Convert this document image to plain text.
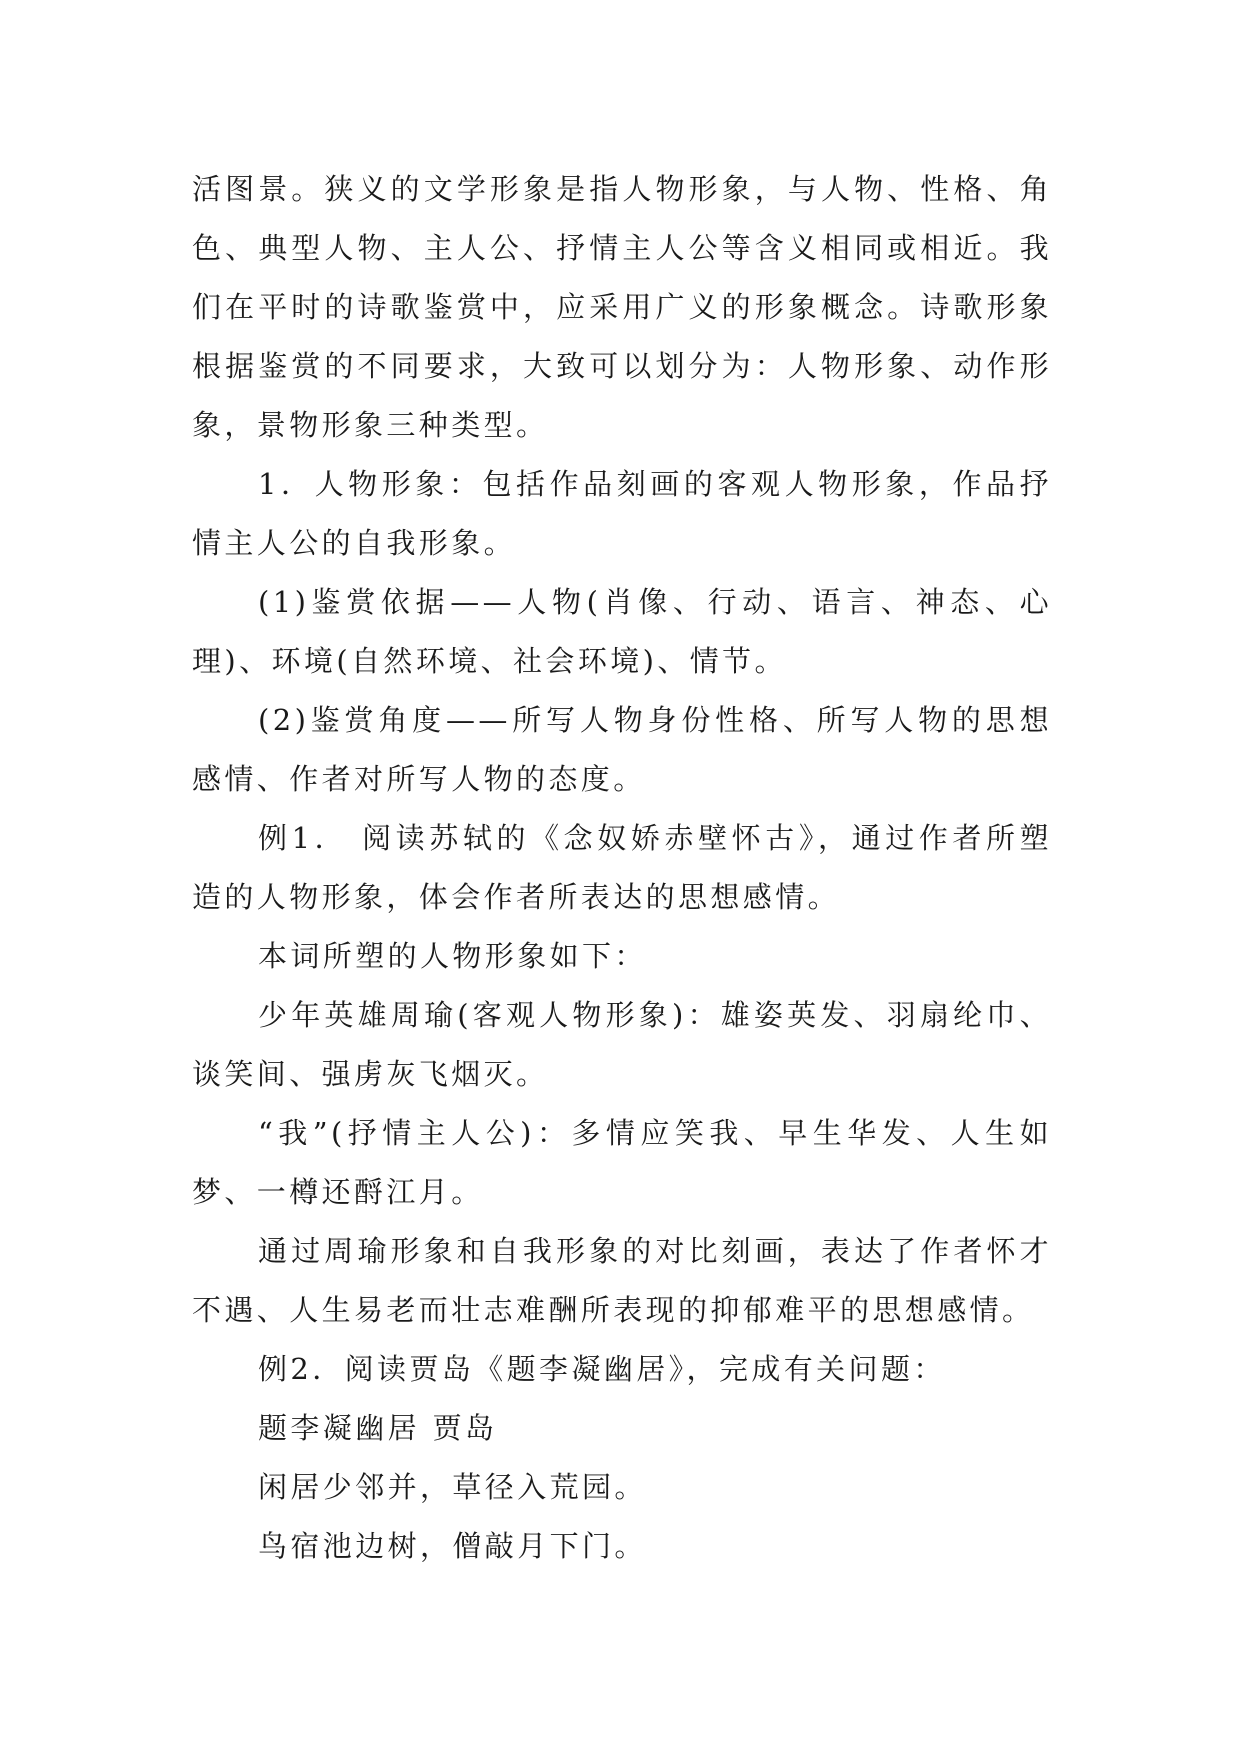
活图景。狭义的文学形象是指人物形象，与人物、性格、角色、典型人物、主人公、抒情主人公等含义相同或相近。我们在平时的诗歌鉴赏中，应采用广义的形象概念。诗歌形象根据鉴赏的不同要求，大致可以划分为：人物形象、动作形象，景物形象三种类型。

1．人物形象：包括作品刻画的客观人物形象，作品抒情主人公的自我形象。

(1)鉴赏依据——人物(肖像、行动、语言、神态、心理)、环境(自然环境、社会环境)、情节。

(2)鉴赏角度——所写人物身份性格、所写人物的思想感情、作者对所写人物的态度。

例1． 阅读苏轼的《念奴娇赤壁怀古》，通过作者所塑造的人物形象，体会作者所表达的思想感情。

本词所塑的人物形象如下：

少年英雄周瑜(客观人物形象)：雄姿英发、羽扇纶巾、谈笑间、强虏灰飞烟灭。

“我”(抒情主人公)：多情应笑我、早生华发、人生如梦、一樽还酹江月。

通过周瑜形象和自我形象的对比刻画，表达了作者怀才不遇、人生易老而壮志难酬所表现的抑郁难平的思想感情。

例2．阅读贾岛《题李凝幽居》，完成有关问题：

题李凝幽居 贾岛

闲居少邻并，草径入荒园。

鸟宿池边树，僧敲月下门。
